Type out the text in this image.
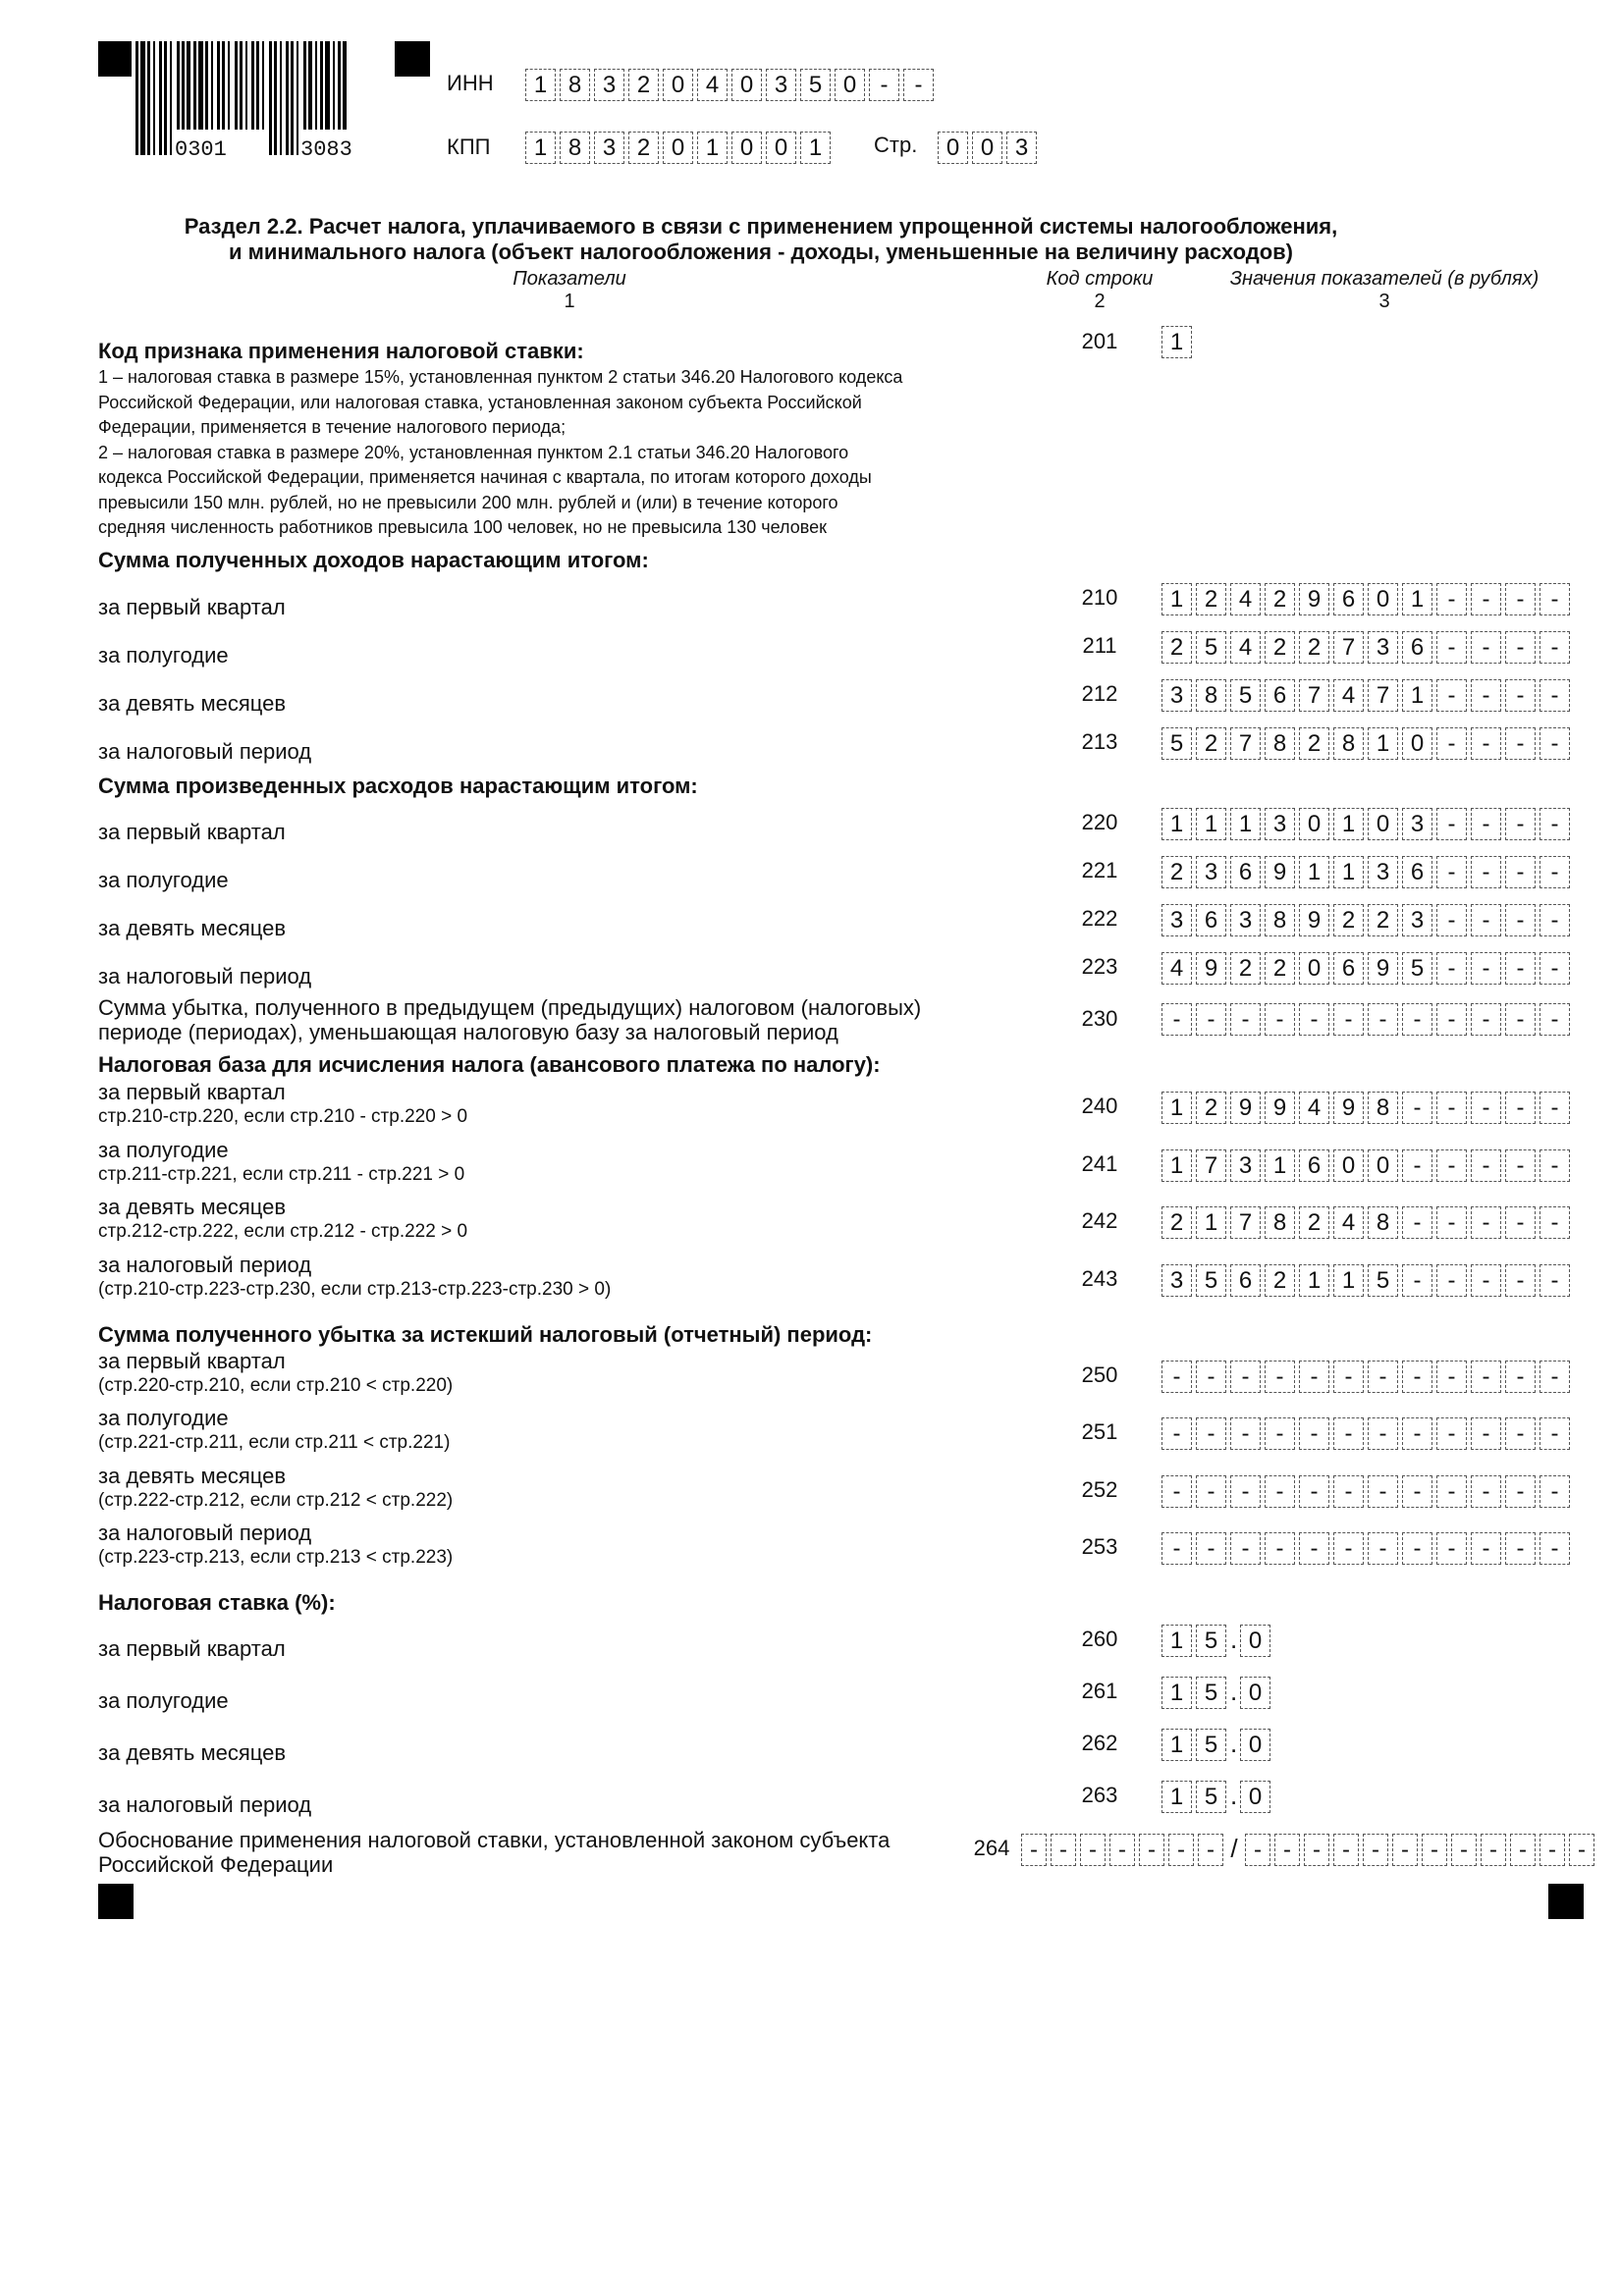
0301	3083
ИНН	1 8 3 2 0 4 0 3 5 0	-	-
КПП	1 8 3 2 0 1 0 0 1	Стр.	0 0 3
Раздел 2.2. Расчет налога, уплачиваемого в связи с применением упрощенной системы налогообложения,
и минимального налога (объект налогообложения - доходы, уменьшенные на величину расходов)
Показатели
1
Код строки
2
Значения показателей (в рублях)
3
Код признака применения налоговой ставки:
1 – налоговая ставка в размере 15%, установленная пунктом 2 статьи 346.20 Налогового кодекса
Российской Федерации, или налоговая ставка, установленная законом субъекта Российской
Федерации, применяется в течение налогового периода;
2 – налоговая ставка в размере 20%, установленная пунктом 2.1 статьи 346.20 Налогового
кодекса Российской Федерации, применяется начиная с квартала, по итогам которого доходы
превысили 150 млн. рублей, но не превысили 200 млн. рублей и (или) в течение которого
средняя численность работников превысила 100 человек, но не превысила 130 человек
201	1
Сумма полученных доходов нарастающим итогом:
Сумма произведенных расходов нарастающим итогом:
Налоговая база для исчисления налога (авансового платежа по налогу):
Сумма полученного убытка за истекший налоговый (отчетный) период:
Налоговая ставка (%):
за первый квартал	210	1 2 4 2 9 6 0 1	-	-	-	-
за полугодие	211	2 5 4 2 2 7 3 6	-	-	-	-
за девять месяцев	212	3 8 5 6 7 4 7 1	-	-	-	-
за налоговый период	213	5 2 7 8 2 8 1 0	-	-	-	-
за первый квартал	220	1 1 1 3 0 1 0 3	-	-	-	-
за полугодие	221	2 3 6 9 1 1 3 6	-	-	-	-
за девять месяцев	222	3 6 3 8 9 2 2 3	-	-	-	-
за налоговый период	223	4 9 2 2 0 6 9 5	-	-	-	-
Сумма убытка, полученного в предыдущем (предыдущих) налоговом (налоговых)
периоде (периодах), уменьшающая налоговую базу за налоговый период
230	-	-	-	-	-	-	-	-	-	-	-	-
за первый квартал
стр.210-стр.220, если стр.210 - стр.220 > 0	240	1 2 9 9 4 9 8	-	-	-	-	-
за полугодие
стр.211-стр.221, если стр.211 - стр.221 > 0	241	1 7 3 1 6 0 0	-	-	-	-	-
за девять месяцев
стр.212-стр.222, если стр.212 - стр.222 > 0	242	2 1 7 8 2 4 8	-	-	-	-	-
за налоговый период
(стр.210-стр.223-стр.230, если стр.213-стр.223-стр.230 > 0)	243	3 5 6 2 1 1 5	-	-	-	-	-
за первый квартал
(стр.220-стр.210, если стр.210 < стр.220)	250	-	-	-	-	-	-	-	-	-	-	-	-
за полугодие
(стр.221-стр.211, если стр.211 < стр.221)	251	-	-	-	-	-	-	-	-	-	-	-	-
за девять месяцев
(стр.222-стр.212, если стр.212 < стр.222)	252	-	-	-	-	-	-	-	-	-	-	-	-
за налоговый период
(стр.223-стр.213, если стр.213 < стр.223)	253	-	-	-	-	-	-	-	-	-	-	-	-
за первый квартал	260	1 5 . 0
за полугодие	261	1 5 . 0
за девять месяцев	262	1 5 . 0
за налоговый период	263	1 5 . 0
Обоснование применения налоговой ставки, установленной законом субъекта
Российской Федерации
264 - - - - - - - / - - - - - - - - - - - -
